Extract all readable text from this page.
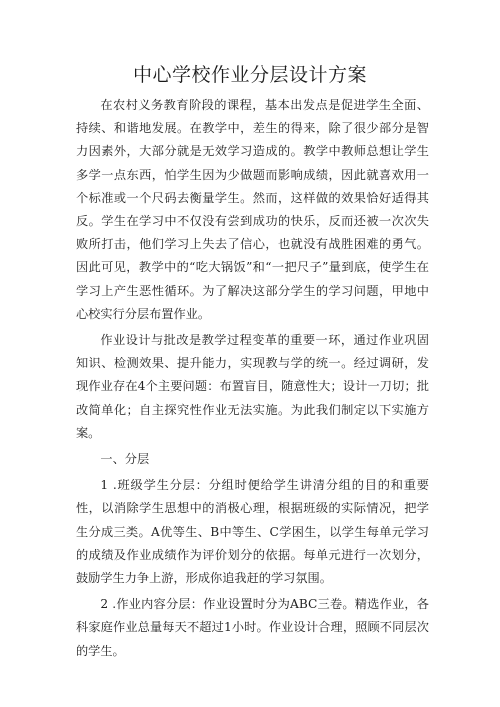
中心学校作业分层设计方案

在农村义务教育阶段的课程，基本出发点是促进学生全面、持续、和谐地发展。在教学中，差生的得来，除了很少部分是智力因素外，大部分就是无效学习造成的。教学中教师总想让学生多学一点东西，怕学生因为少做题而影响成绩，因此就喜欢用一个标准或一个尺码去衡量学生。然而，这样做的效果恰好适得其反。学生在学习中不仅没有尝到成功的快乐，反而还被一次次失败所打击，他们学习上失去了信心，也就没有战胜困难的勇气。因此可见，教学中的“吃大锅饭”和“一把尺子”量到底，使学生在学习上产生恶性循环。为了解决这部分学生的学习问题，甲地中心校实行分层布置作业。

作业设计与批改是教学过程变革的重要一环，通过作业巩固知识、检测效果、提升能力，实现教与学的统一。经过调研，发现作业存在4个主要问题：布置盲目，随意性大；设计一刀切；批改简单化；自主探究性作业无法实施。为此我们制定以下实施方案。

一、分层

1 .班级学生分层：分组时便给学生讲清分组的目的和重要性，以消除学生思想中的消极心理，根据班级的实际情况，把学生分成三类。A优等生、B中等生、C学困生，以学生每单元学习的成绩及作业成绩作为评价划分的依据。每单元进行一次划分，鼓励学生力争上游，形成你追我赶的学习氛围。

2 .作业内容分层：作业设置时分为ABC三卷。精选作业，各科家庭作业总量每天不超过1小时。作业设计合理，照顾不同层次的学生。
